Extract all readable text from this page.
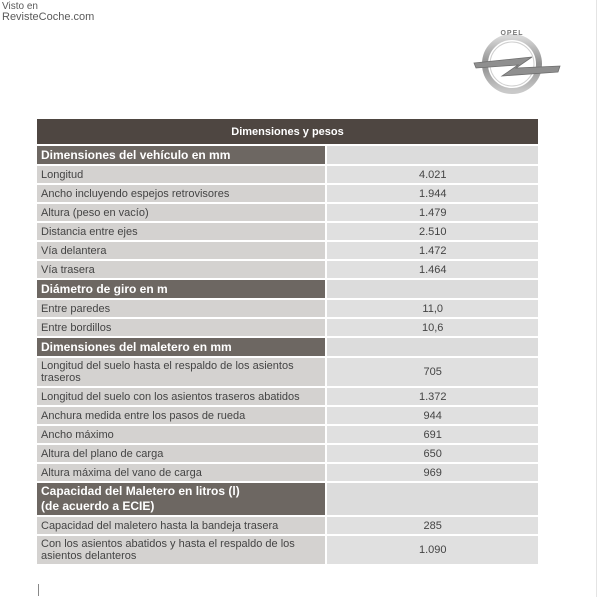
Visto en
RevisteCoche.com
OPEL
Dimensiones y pesos	
Dimensiones del vehículo en mm	
Longitud	4.021
Ancho incluyendo espejos retrovisores	1.944
Altura (peso en vacío)	1.479
Distancia entre ejes	2.510
Vía delantera	1.472
Vía trasera	1.464
Diámetro de giro en m	
Entre paredes	11,0
Entre bordillos	10,6
Dimensiones del maletero en mm	
Longitud del suelo hasta el respaldo de los asientos traseros	705
Longitud del suelo con los asientos traseros abatidos	1.372
Anchura medida entre los pasos de rueda	944
Ancho máximo	691
Altura del plano de carga	650
Altura máxima del vano de carga	969

Capacidad del Maletero en litros (l)
(de acuerdo a ECIE)	

Capacidad del maletero hasta la bandeja trasera	285
Con los asientos abatidos y hasta el respaldo de los asientos delanteros	1.090
